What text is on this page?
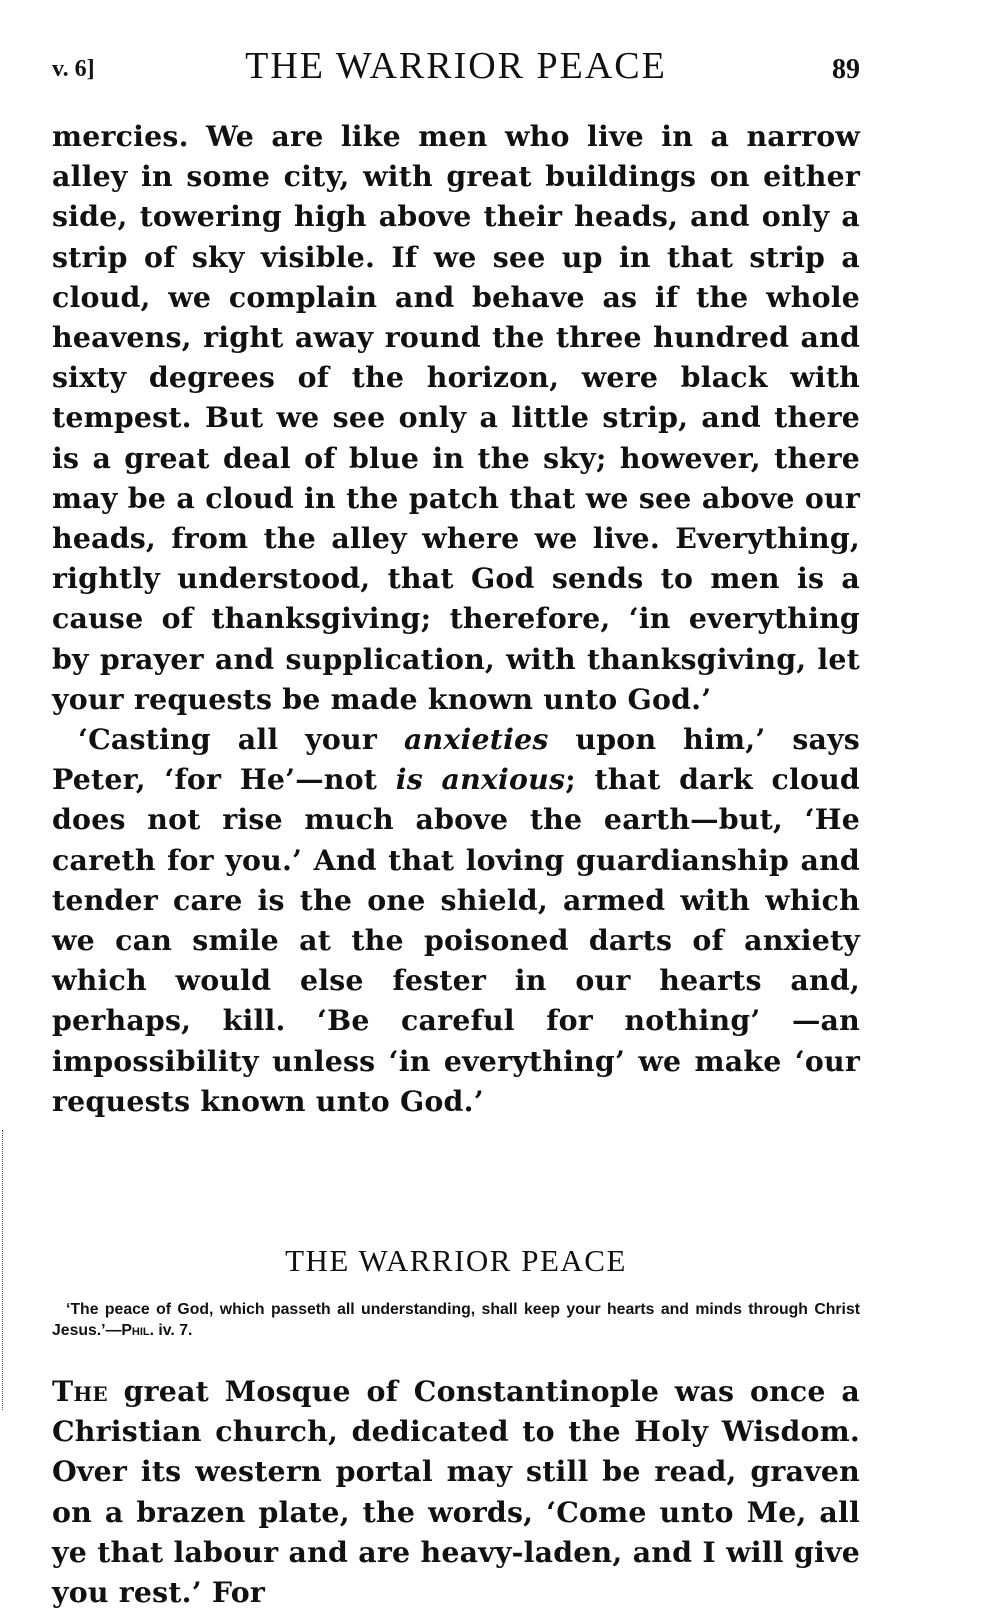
v. 6]	THE WARRIOR PEACE	89

mercies. We are like men who live in a narrow alley in some city, with great buildings on either side, towering high above their heads, and only a strip of sky visible. If we see up in that strip a cloud, we complain and behave as if the whole heavens, right away round the three hundred and sixty degrees of the horizon, were black with tempest. But we see only a little strip, and there is a great deal of blue in the sky; however, there may be a cloud in the patch that we see above our heads, from the alley where we live. Everything, rightly understood, that God sends to men is a cause of thanksgiving; therefore, ‘in everything by prayer and supplication, with thanksgiving, let your requests be made known unto God.’

‘Casting all your anxieties upon him,’ says Peter, ‘for He’—not is anxious; that dark cloud does not rise much above the earth—but, ‘He careth for you.’ And that loving guardianship and tender care is the one shield, armed with which we can smile at the poisoned darts of anxiety which would else fester in our hearts and, perhaps, kill. ‘Be careful for nothing’ —an impossibility unless ‘in everything’ we make ‘our requests known unto God.’

THE WARRIOR PEACE
‘The peace of God, which passeth all understanding, shall keep your hearts and minds through Christ Jesus.’—Phil. iv. 7.
The great Mosque of Constantinople was once a Christian church, dedicated to the Holy Wisdom. Over its western portal may still be read, graven on a brazen plate, the words, ‘Come unto Me, all ye that labour and are heavy-laden, and I will give you rest.’ For
